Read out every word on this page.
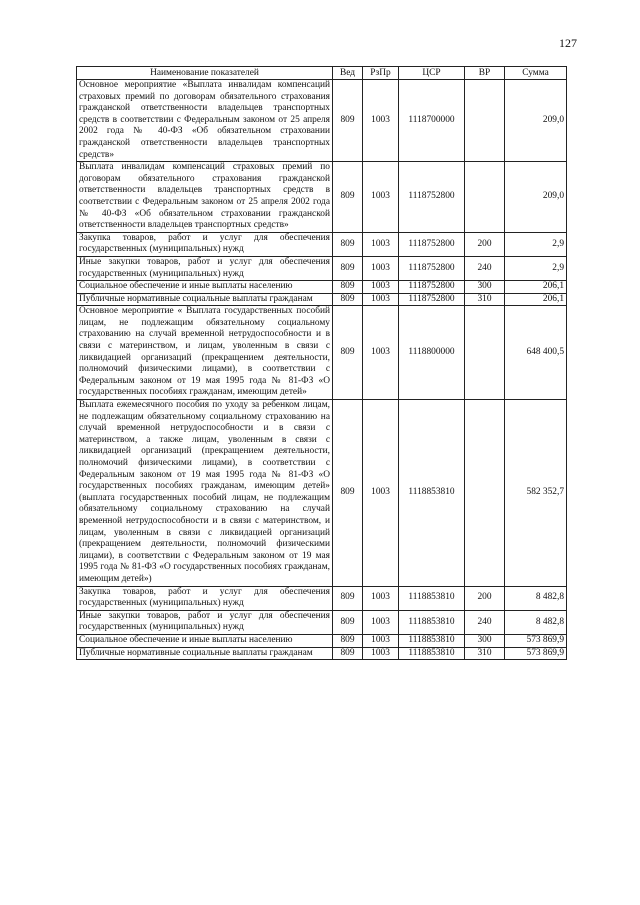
127
Наименование показателей	Вед	РзПр	ЦСР	ВР	Сумма
Основное мероприятие «Выплата инвалидам компенсаций страховых премий по договорам обязательного страхования гражданской ответственности владельцев транспортных средств в соответствии с Федеральным законом от 25 апреля 2002 года № 40-ФЗ «Об обязательном страховании гражданской ответственности владельцев транспортных средств»	809	1003	1118700000		209,0
Выплата инвалидам компенсаций страховых премий по договорам обязательного страхования гражданской ответственности владельцев транспортных средств в соответствии с Федеральным законом от 25 апреля 2002 года № 40-ФЗ «Об обязательном страховании гражданской ответственности владельцев транспортных средств»	809	1003	1118752800		209,0
Закупка товаров, работ и услуг для обеспечения государственных (муниципальных) нужд	809	1003	1118752800	200	2,9
Иные закупки товаров, работ и услуг для обеспечения государственных (муниципальных) нужд	809	1003	1118752800	240	2,9
Социальное обеспечение и иные выплаты населению	809	1003	1118752800	300	206,1
Публичные нормативные социальные выплаты гражданам	809	1003	1118752800	310	206,1
Основное мероприятие « Выплата государственных пособий лицам, не подлежащим обязательному социальному страхованию на случай временной нетрудоспособности и в связи с материнством, и лицам, уволенным в связи с ликвидацией организаций (прекращением деятельности, полномочий физическими лицами), в соответствии с Федеральным законом от 19 мая 1995 года № 81-ФЗ «О государственных пособиях гражданам, имеющим детей»	809	1003	1118800000		648 400,5
Выплата ежемесячного пособия по уходу за ребенком лицам, не подлежащим обязательному социальному страхованию на случай временной нетрудоспособности и в связи с материнством, а также лицам, уволенным в связи с ликвидацией организаций (прекращением деятельности, полномочий физическими лицами), в соответствии с Федеральным законом от 19 мая 1995 года № 81-ФЗ «О государственных пособиях гражданам, имеющим детей» (выплата государственных пособий лицам, не подлежащим обязательному социальному страхованию на случай временной нетрудоспособности и в связи с материнством, и лицам, уволенным в связи с ликвидацией организаций (прекращением деятельности, полномочий физическими лицами), в соответствии с Федеральным законом от 19 мая 1995 года № 81-ФЗ «О государственных пособиях гражданам, имеющим детей»)	809	1003	1118853810		582 352,7
Закупка товаров, работ и услуг для обеспечения государственных (муниципальных) нужд	809	1003	1118853810	200	8 482,8
Иные закупки товаров, работ и услуг для обеспечения государственных (муниципальных) нужд	809	1003	1118853810	240	8 482,8
Социальное обеспечение и иные выплаты населению	809	1003	1118853810	300	573 869,9
Публичные нормативные социальные выплаты гражданам	809	1003	1118853810	310	573 869,9
